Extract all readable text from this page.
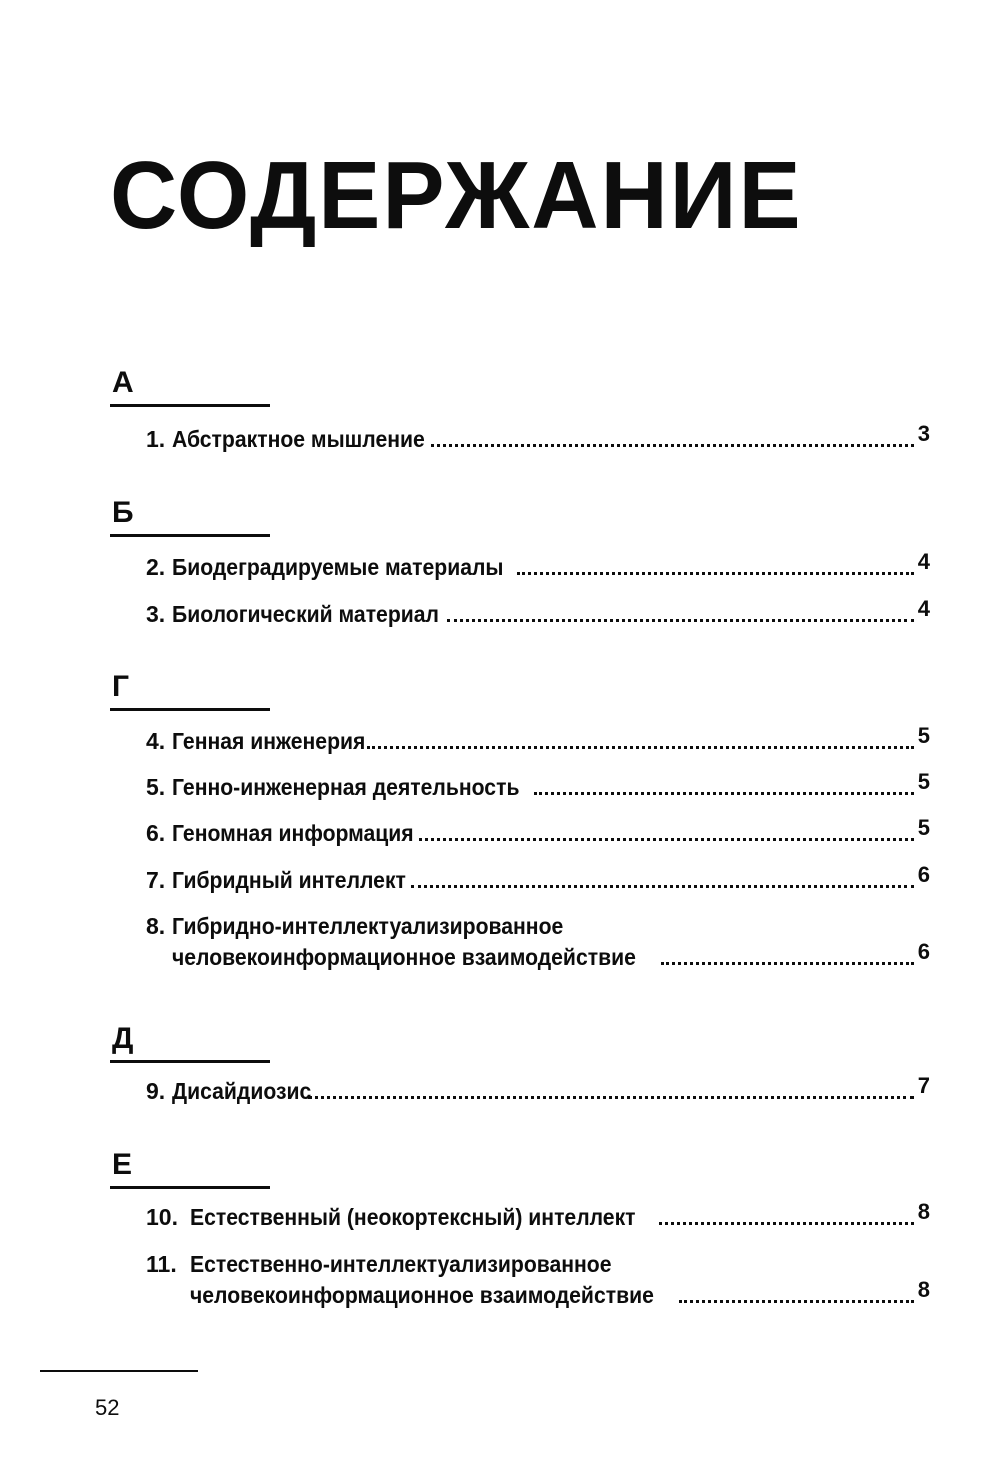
СОДЕРЖАНИЕ
А
1. Абстрактное мышление	3
Б
2. Биодеградируемые материалы	4
3. Биологический материал	4
Г
4. Генная инженерия	5
5. Генно-инженерная деятельность	5
6. Геномная информация	5
7. Гибридный интеллект	6
8. Гибридно-интеллектуализированное
человекоинформационное взаимодействие	6
Д
9. Дисайдиозис	7
Е
10. Естественный (неокортексный) интеллект	8
11. Естественно-интеллектуализированное
человекоинформационное взаимодействие	8
52
